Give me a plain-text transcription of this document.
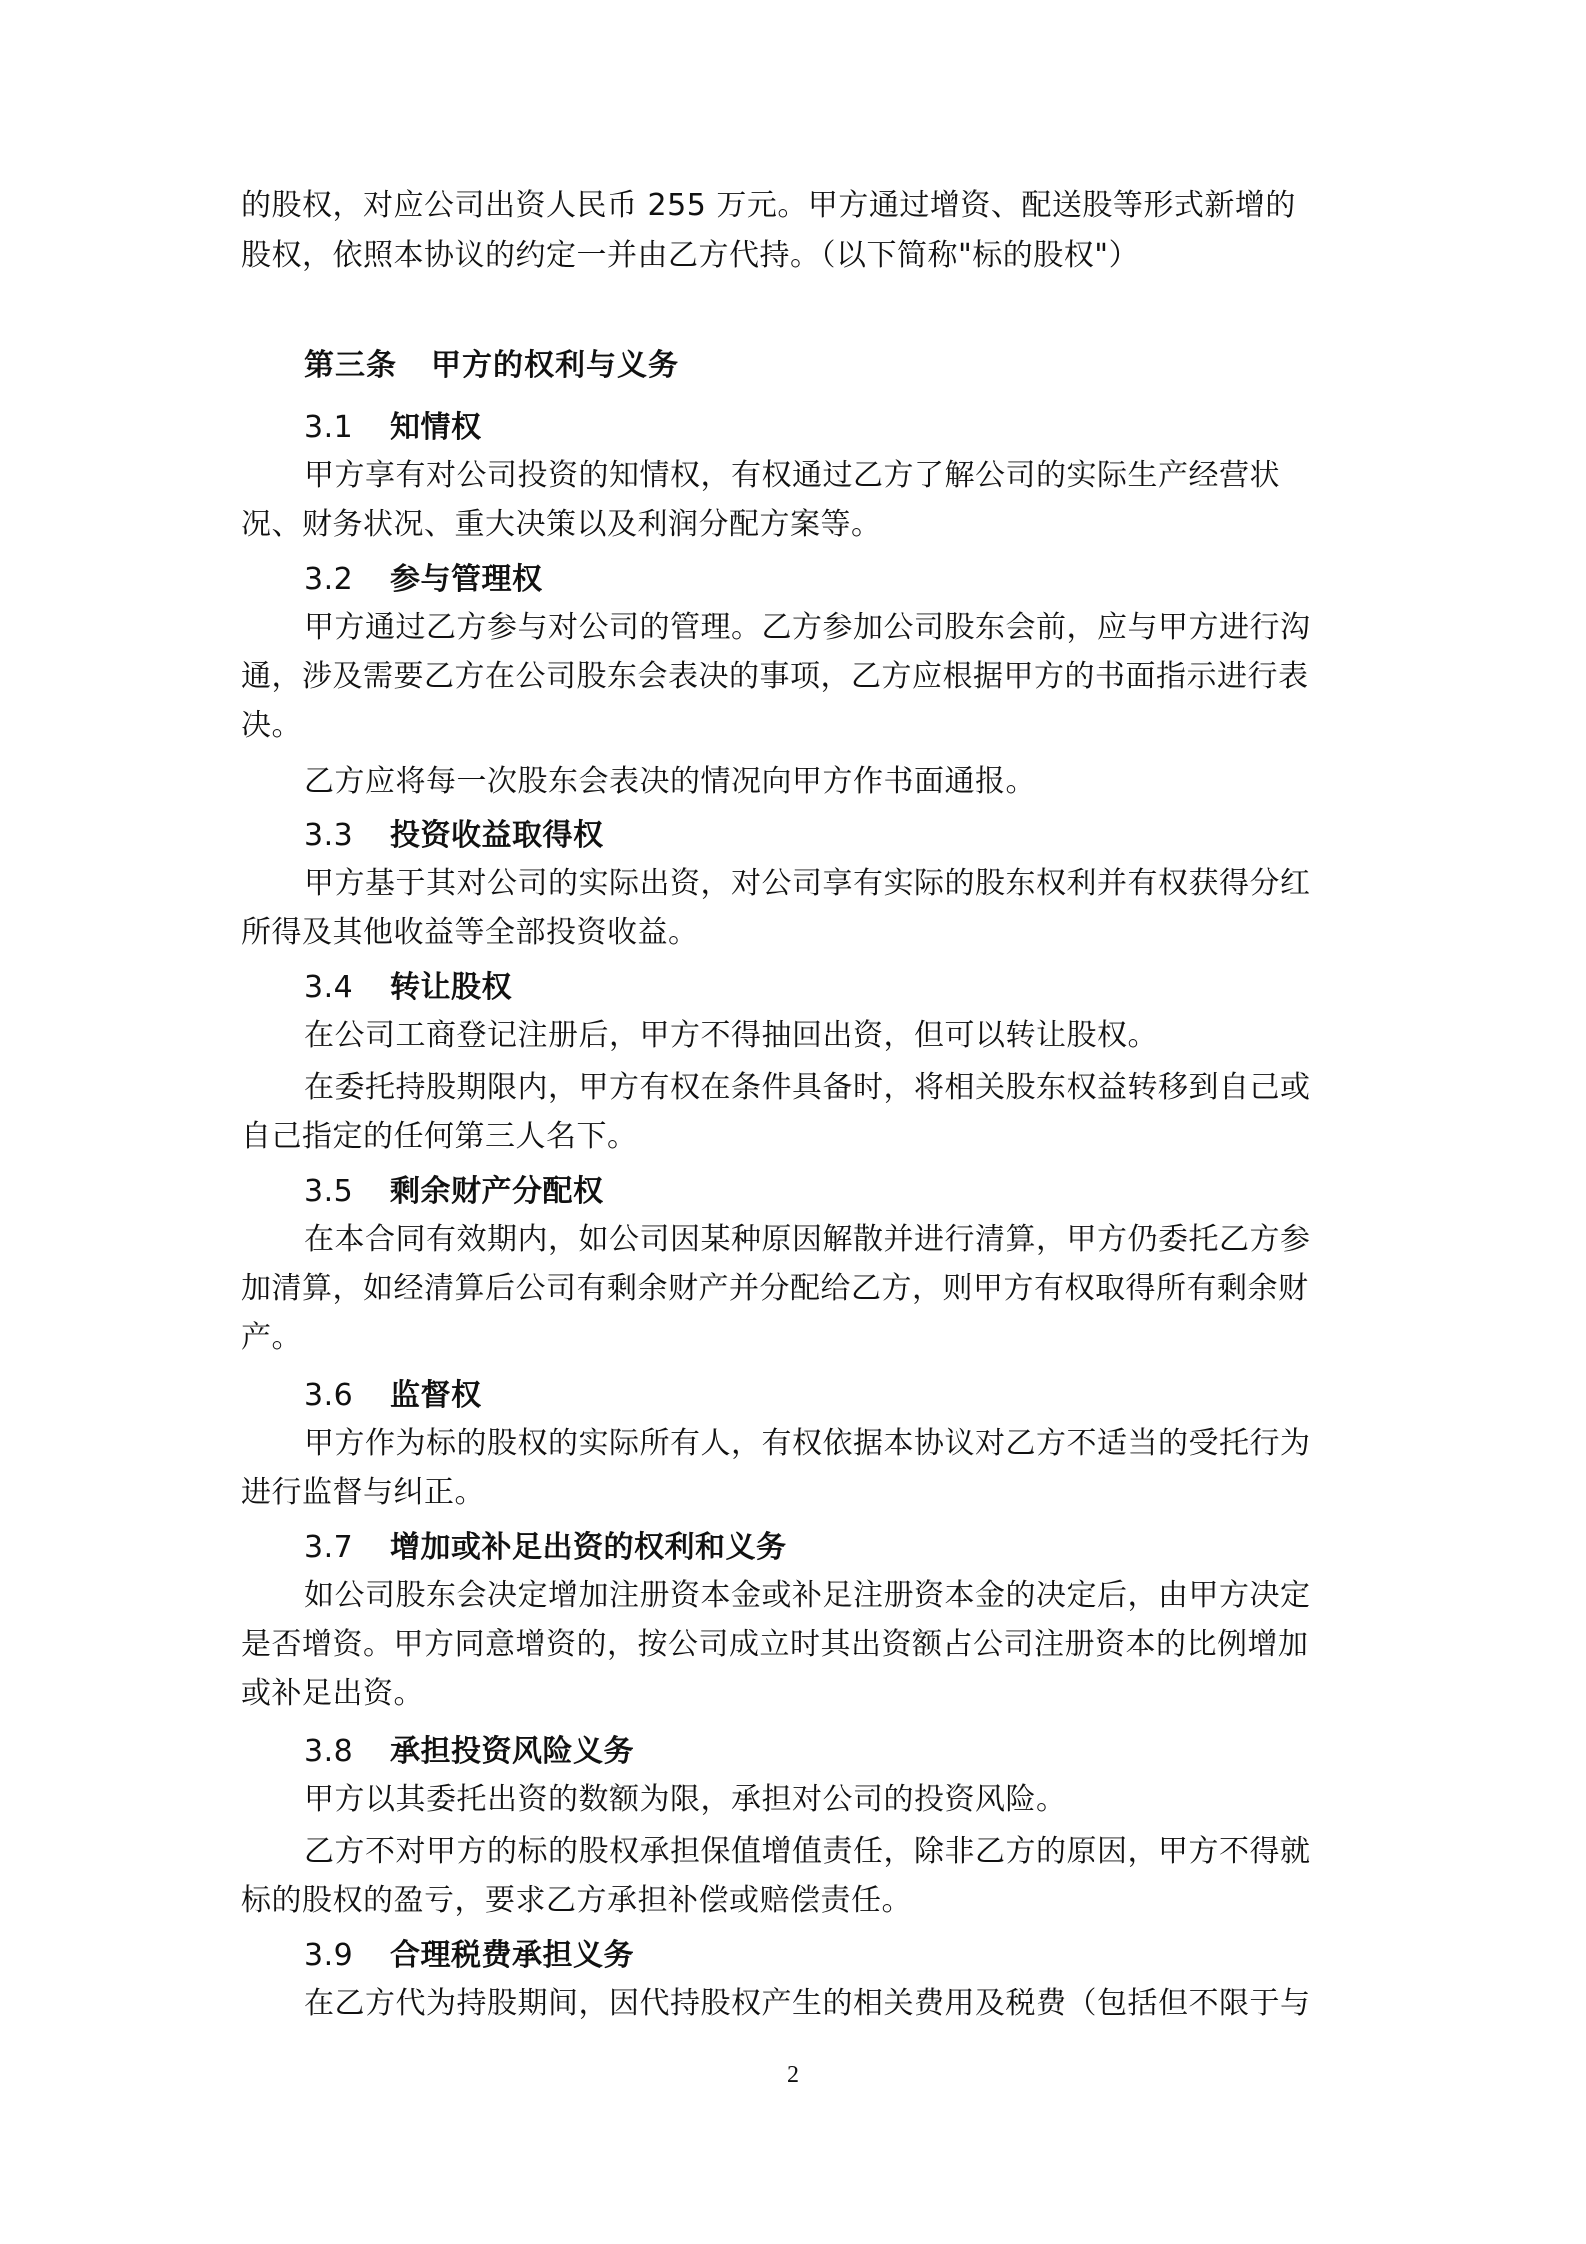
的股权，对应公司出资人民币 255 万元。甲方通过增资、配送股等形式新增的
股权，依照本协议的约定一并由乙方代持。（以下简称"标的股权"）
第三条 甲方的权利与义务
3.1 知情权
甲方享有对公司投资的知情权，有权通过乙方了解公司的实际生产经营状
况、财务状况、重大决策以及利润分配方案等。
3.2 参与管理权
甲方通过乙方参与对公司的管理。乙方参加公司股东会前，应与甲方进行沟
通，涉及需要乙方在公司股东会表决的事项，乙方应根据甲方的书面指示进行表
决。
乙方应将每一次股东会表决的情况向甲方作书面通报。
3.3 投资收益取得权
甲方基于其对公司的实际出资，对公司享有实际的股东权利并有权获得分红
所得及其他收益等全部投资收益。
3.4 转让股权
在公司工商登记注册后，甲方不得抽回出资，但可以转让股权。
在委托持股期限内，甲方有权在条件具备时，将相关股东权益转移到自己或
自己指定的任何第三人名下。
3.5 剩余财产分配权
在本合同有效期内，如公司因某种原因解散并进行清算，甲方仍委托乙方参
加清算，如经清算后公司有剩余财产并分配给乙方，则甲方有权取得所有剩余财
产。
3.6 监督权
甲方作为标的股权的实际所有人，有权依据本协议对乙方不适当的受托行为
进行监督与纠正。
3.7 增加或补足出资的权利和义务
如公司股东会决定增加注册资本金或补足注册资本金的决定后，由甲方决定
是否增资。甲方同意增资的，按公司成立时其出资额占公司注册资本的比例增加
或补足出资。
3.8 承担投资风险义务
甲方以其委托出资的数额为限，承担对公司的投资风险。
乙方不对甲方的标的股权承担保值增值责任，除非乙方的原因，甲方不得就
标的股权的盈亏，要求乙方承担补偿或赔偿责任。
3.9 合理税费承担义务
在乙方代为持股期间，因代持股权产生的相关费用及税费（包括但不限于与
2
